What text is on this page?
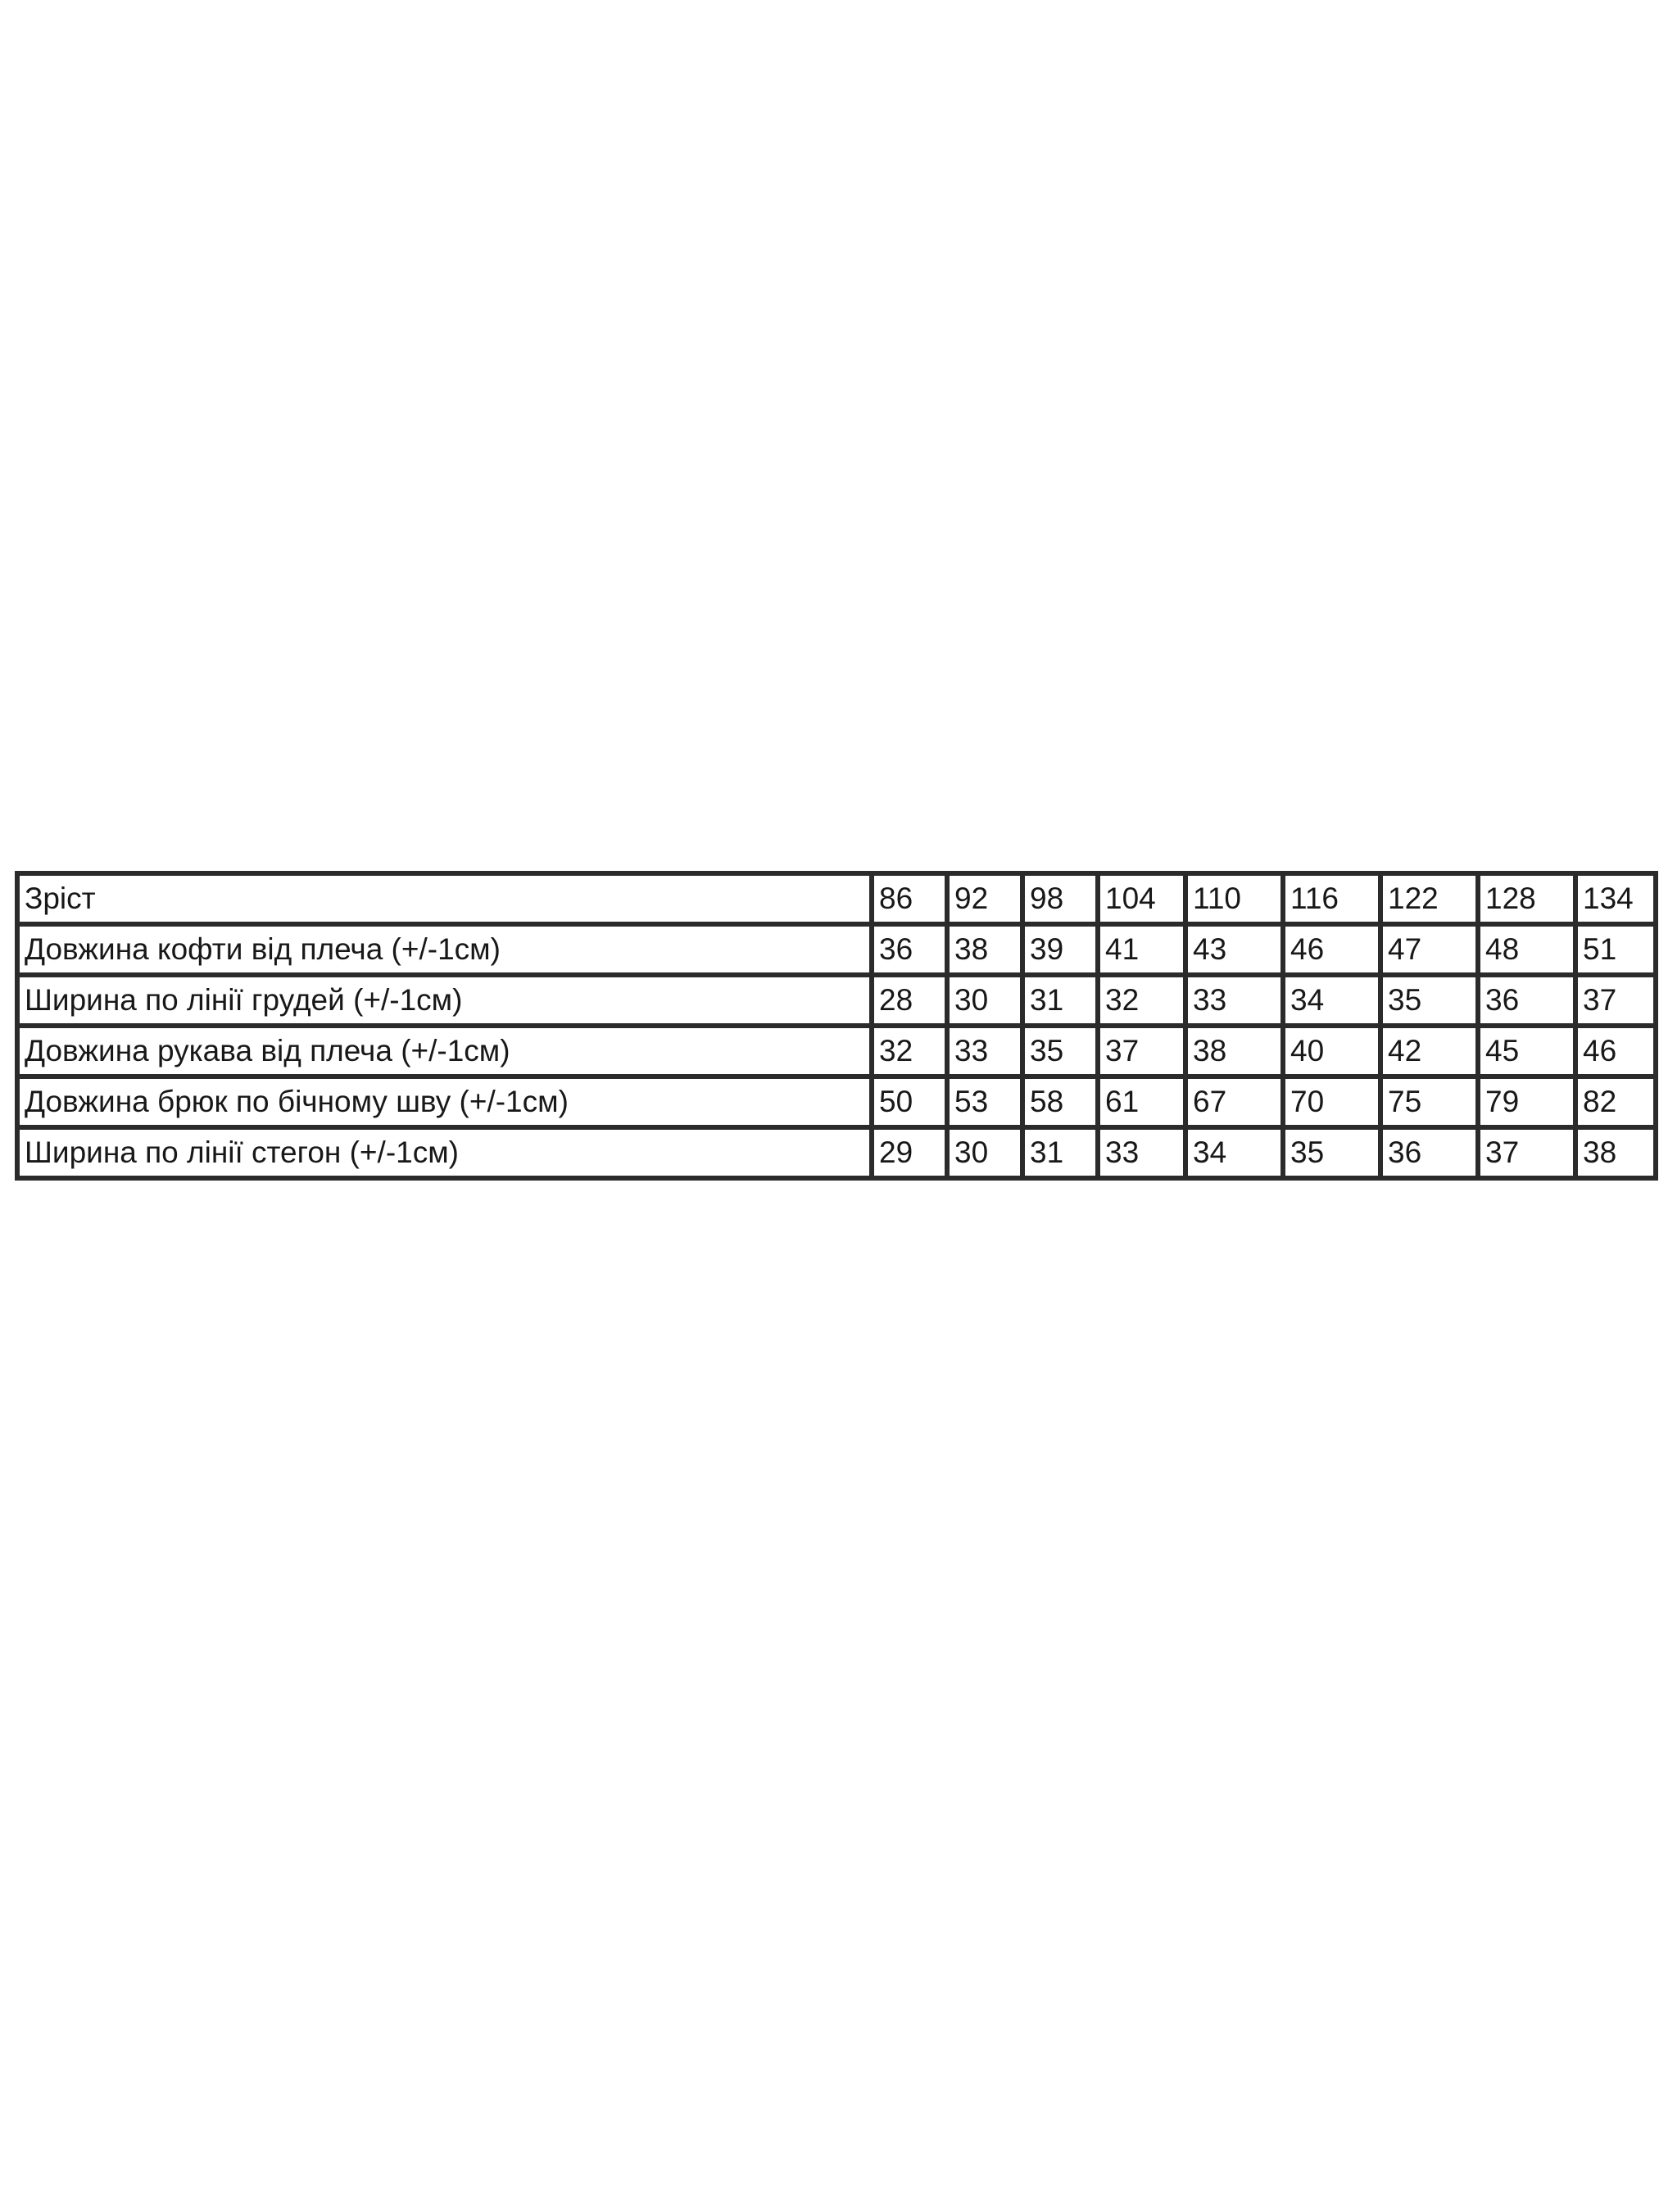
Зріст	86	92	98	104	110	116	122	128	134
Довжина кофти від плеча (+/-1см)	36	38	39	41	43	46	47	48	51
Ширина по лінії грудей (+/-1см)	28	30	31	32	33	34	35	36	37
Довжина рукава від плеча (+/-1см)	32	33	35	37	38	40	42	45	46
Довжина брюк по бічному шву (+/-1см)	50	53	58	61	67	70	75	79	82
Ширина по лінії стегон (+/-1см)	29	30	31	33	34	35	36	37	38
